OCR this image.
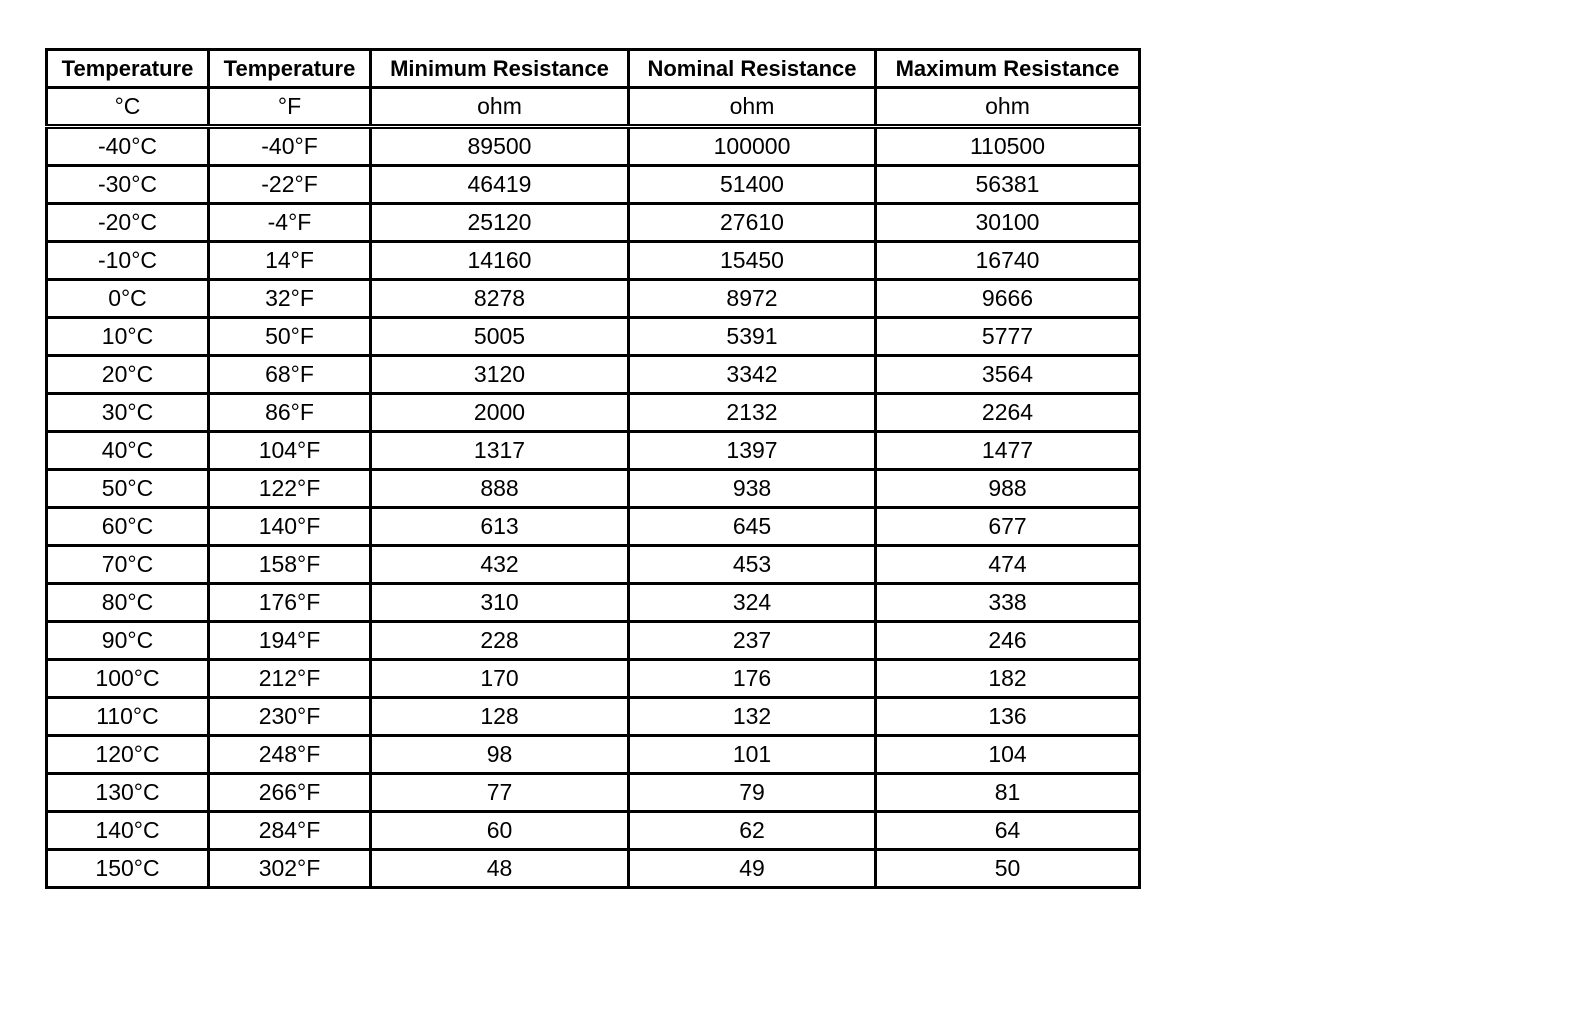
Temperature	Temperature	Minimum Resistance	Nominal Resistance	Maximum Resistance
°C	°F	ohm	ohm	ohm
-40°C	-40°F	89500	100000	110500
-30°C	-22°F	46419	51400	56381
-20°C	-4°F	25120	27610	30100
-10°C	14°F	14160	15450	16740
0°C	32°F	8278	8972	9666
10°C	50°F	5005	5391	5777
20°C	68°F	3120	3342	3564
30°C	86°F	2000	2132	2264
40°C	104°F	1317	1397	1477
50°C	122°F	888	938	988
60°C	140°F	613	645	677
70°C	158°F	432	453	474
80°C	176°F	310	324	338
90°C	194°F	228	237	246
100°C	212°F	170	176	182
110°C	230°F	128	132	136
120°C	248°F	98	101	104
130°C	266°F	77	79	81
140°C	284°F	60	62	64
150°C	302°F	48	49	50
